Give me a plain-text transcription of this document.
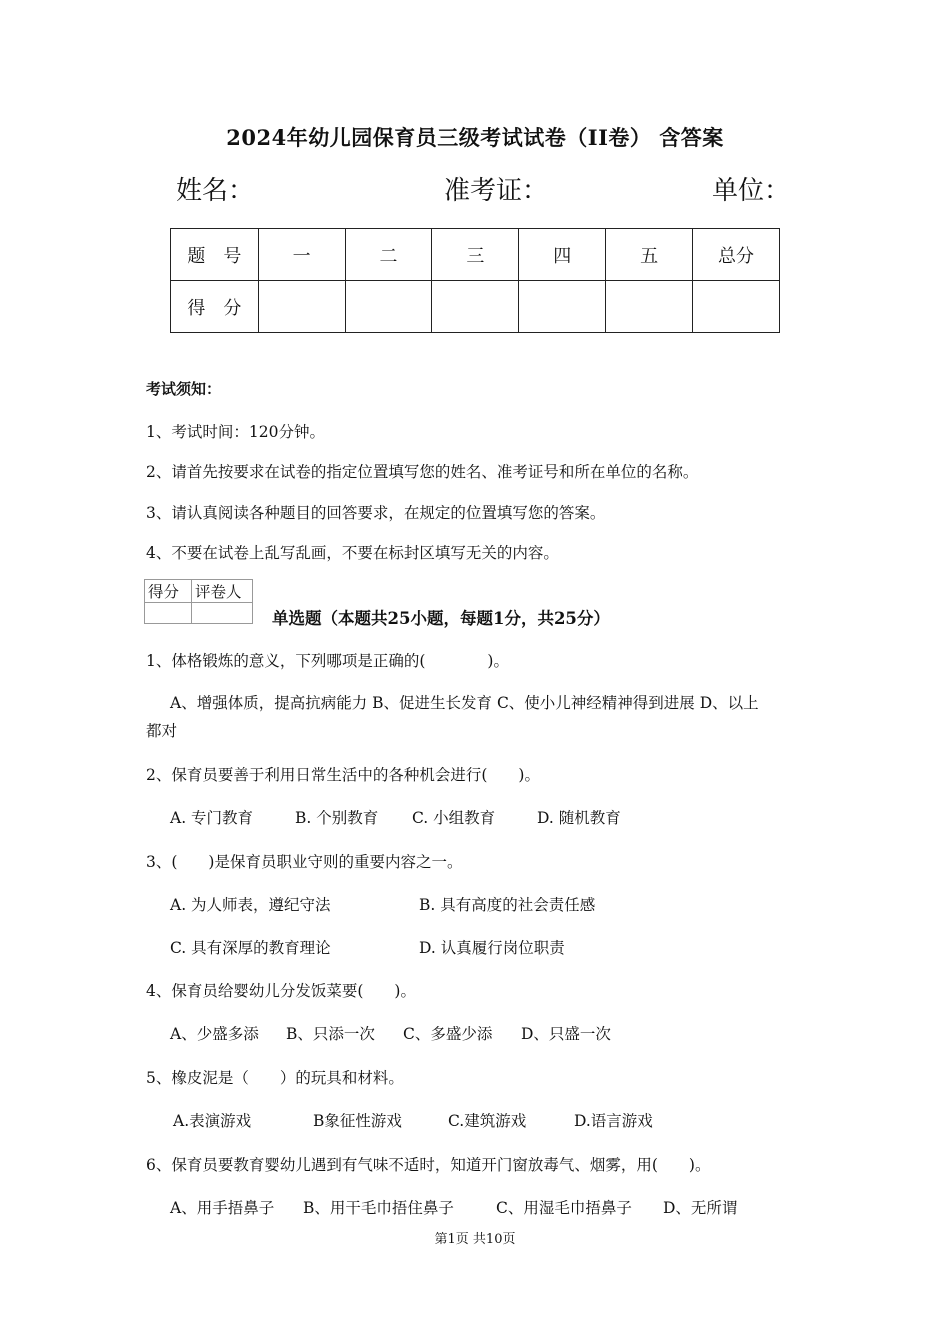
2024年幼儿园保育员三级考试试卷（II卷） 含答案
姓名：	准考证：	单位：
题　号	一	二	三	四	五	总分
得　分						
考试须知：
1、考试时间：120分钟。
2、请首先按要求在试卷的指定位置填写您的姓名、准考证号和所在单位的名称。
3、请认真阅读各种题目的回答要求，在规定的位置填写您的答案。
4、不要在试卷上乱写乱画，不要在标封区填写无关的内容。
得分	评卷人

单选题（本题共25小题，每题1分，共25分）
1、体格锻炼的意义，下列哪项是正确的(　　　　)。
A、增强体质，提高抗病能力 B、促进生长发育 C、使小儿神经精神得到进展 D、以上
都对
2、保育员要善于利用日常生活中的各种机会进行(　　)。
A. 专门教育	B. 个别教育 C. 小组教育	D. 随机教育
3、(　　)是保育员职业守则的重要内容之一。
A. 为人师表，遵纪守法	B. 具有高度的社会责任感
C. 具有深厚的教育理论	D. 认真履行岗位职责
4、保育员给婴幼儿分发饭菜要(　　)。
A、少盛多添 B、只添一次 C、多盛少添 D、只盛一次
5、橡皮泥是（　　）的玩具和材料。
A.表演游戏	B象征性游戏	C.建筑游戏	D.语言游戏
6、保育员要教育婴幼儿遇到有气味不适时，知道开门窗放毒气、烟雾，用(　　)。
A、用手捂鼻子 B、用干毛巾捂住鼻子	C、用湿毛巾捂鼻子 D、无所谓
第1页 共10页
